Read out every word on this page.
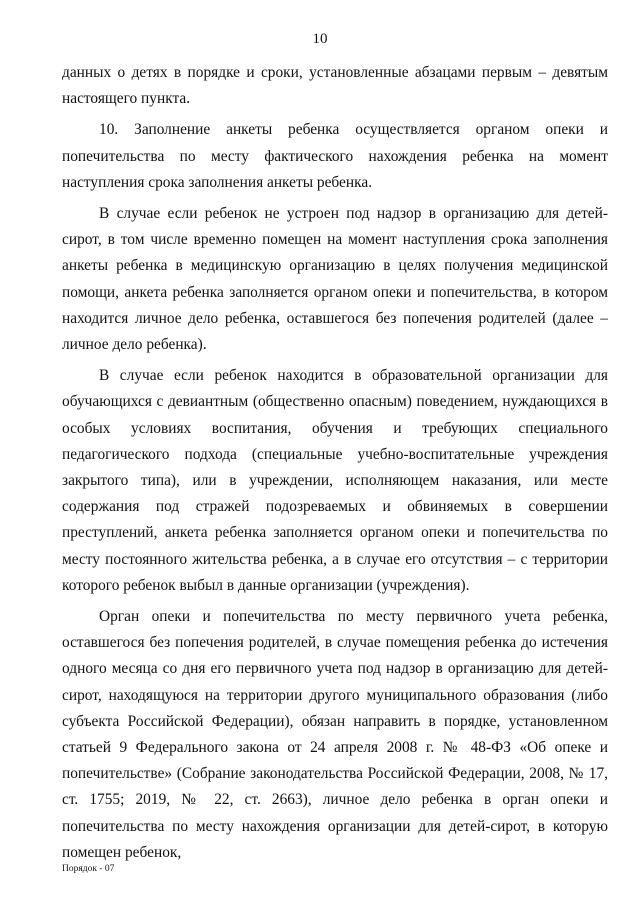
10

данных о детях в порядке и сроки, установленные абзацами первым – девятым настоящего пункта.

10. Заполнение анкеты ребенка осуществляется органом опеки и попечительства по месту фактического нахождения ребенка на момент наступления срока заполнения анкеты ребенка.

В случае если ребенок не устроен под надзор в организацию для детей-сирот, в том числе временно помещен на момент наступления срока заполнения анкеты ребенка в медицинскую организацию в целях получения медицинской помощи, анкета ребенка заполняется органом опеки и попечительства, в котором находится личное дело ребенка, оставшегося без попечения родителей (далее – личное дело ребенка).

В случае если ребенок находится в образовательной организации для обучающихся с девиантным (общественно опасным) поведением, нуждающихся в особых условиях воспитания, обучения и требующих специального педагогического подхода (специальные учебно-воспитательные учреждения закрытого типа), или в учреждении, исполняющем наказания, или месте содержания под стражей подозреваемых и обвиняемых в совершении преступлений, анкета ребенка заполняется органом опеки и попечительства по месту постоянного жительства ребенка, а в случае его отсутствия – с территории которого ребенок выбыл в данные организации (учреждения).

Орган опеки и попечительства по месту первичного учета ребенка, оставшегося без попечения родителей, в случае помещения ребенка до истечения одного месяца со дня его первичного учета под надзор в организацию для детей-сирот, находящуюся на территории другого муниципального образования (либо субъекта Российской Федерации), обязан направить в порядке, установленном статьей 9 Федерального закона от 24 апреля 2008 г. № 48-ФЗ «Об опеке и попечительстве» (Собрание законодательства Российской Федерации, 2008, № 17, ст. 1755; 2019, № 22, ст. 2663), личное дело ребенка в орган опеки и попечительства по месту нахождения организации для детей-сирот, в которую помещен ребенок,

Порядок - 07
